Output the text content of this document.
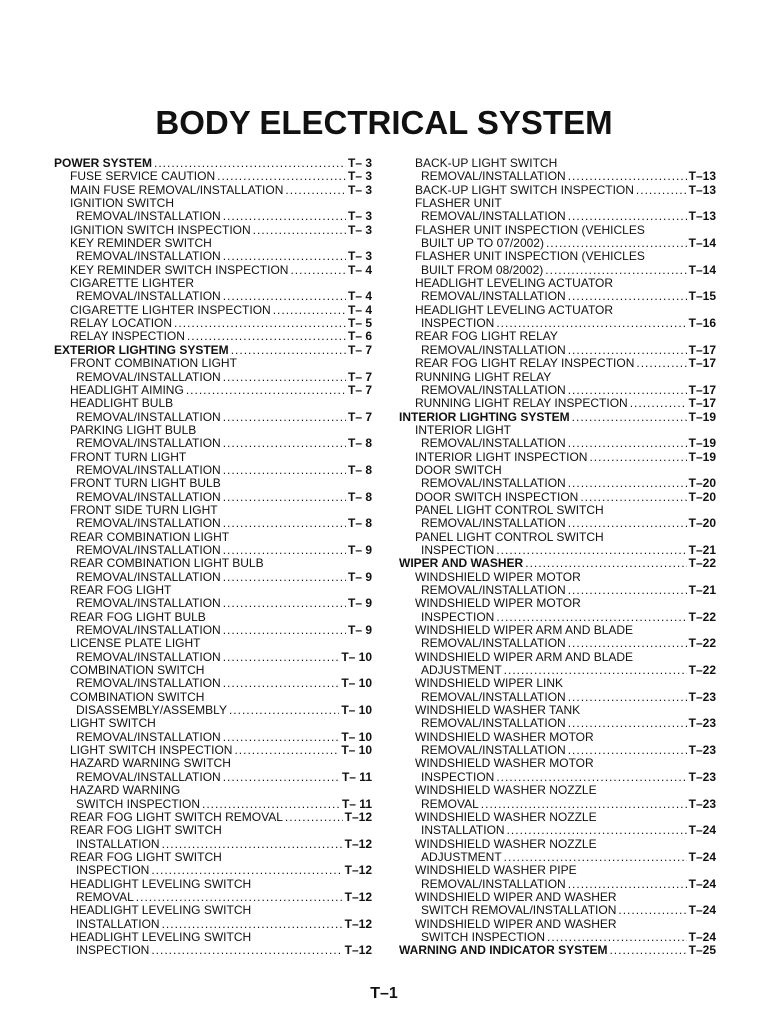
BODY ELECTRICAL SYSTEM
POWER SYSTEM .....	T– 3
FUSE SERVICE CAUTION .....	T– 3
MAIN FUSE REMOVAL/INSTALLATION .....	T– 3
IGNITION SWITCH
REMOVAL/INSTALLATION .....	T– 3
IGNITION SWITCH INSPECTION .....	T– 3
KEY REMINDER SWITCH
REMOVAL/INSTALLATION .....	T– 3
KEY REMINDER SWITCH INSPECTION .....	T– 4
CIGARETTE LIGHTER
REMOVAL/INSTALLATION .....	T– 4
CIGARETTE LIGHTER INSPECTION .....	T– 4
RELAY LOCATION .....	T– 5
RELAY INSPECTION .....	T– 6
EXTERIOR LIGHTING SYSTEM .....	T– 7
FRONT COMBINATION LIGHT
REMOVAL/INSTALLATION .....	T– 7
HEADLIGHT AIMING .....	T– 7
HEADLIGHT BULB
REMOVAL/INSTALLATION .....	T– 7
PARKING LIGHT BULB
REMOVAL/INSTALLATION .....	T– 8
FRONT TURN LIGHT
REMOVAL/INSTALLATION .....	T– 8
FRONT TURN LIGHT BULB
REMOVAL/INSTALLATION .....	T– 8
FRONT SIDE TURN LIGHT
REMOVAL/INSTALLATION .....	T– 8
REAR COMBINATION LIGHT
REMOVAL/INSTALLATION .....	T– 9
REAR COMBINATION LIGHT BULB
REMOVAL/INSTALLATION .....	T– 9
REAR FOG LIGHT
REMOVAL/INSTALLATION .....	T– 9
REAR FOG LIGHT BULB
REMOVAL/INSTALLATION .....	T– 9
LICENSE PLATE LIGHT
REMOVAL/INSTALLATION .....	T– 10
COMBINATION SWITCH
REMOVAL/INSTALLATION .....	T– 10
COMBINATION SWITCH
DISASSEMBLY/ASSEMBLY .....	T– 10
LIGHT SWITCH
REMOVAL/INSTALLATION .....	T– 10
LIGHT SWITCH INSPECTION .....	T– 10
HAZARD WARNING SWITCH
REMOVAL/INSTALLATION .....	T– 11
HAZARD WARNING
SWITCH INSPECTION .....	T– 11
REAR FOG LIGHT SWITCH REMOVAL .....	T–12
REAR FOG LIGHT SWITCH
INSTALLATION .....	T–12
REAR FOG LIGHT SWITCH
INSPECTION .....	T–12
HEADLIGHT LEVELING SWITCH
REMOVAL .....	T–12
HEADLIGHT LEVELING SWITCH
INSTALLATION .....	T–12
HEADLIGHT LEVELING SWITCH
INSPECTION .....	T–12
BACK-UP LIGHT SWITCH
REMOVAL/INSTALLATION .....	T–13
BACK-UP LIGHT SWITCH INSPECTION .....	T–13
FLASHER UNIT
REMOVAL/INSTALLATION .....	T–13
FLASHER UNIT INSPECTION (VEHICLES
BUILT UP TO 07/2002) .....	T–14
FLASHER UNIT INSPECTION (VEHICLES
BUILT FROM 08/2002) .....	T–14
HEADLIGHT LEVELING ACTUATOR
REMOVAL/INSTALLATION .....	T–15
HEADLIGHT LEVELING ACTUATOR
INSPECTION .....	T–16
REAR FOG LIGHT RELAY
REMOVAL/INSTALLATION .....	T–17
REAR FOG LIGHT RELAY INSPECTION .....	T–17
RUNNING LIGHT RELAY
REMOVAL/INSTALLATION .....	T–17
RUNNING LIGHT RELAY INSPECTION .....	T–17
INTERIOR LIGHTING SYSTEM .....	T–19
INTERIOR LIGHT
REMOVAL/INSTALLATION .....	T–19
INTERIOR LIGHT INSPECTION .....	T–19
DOOR SWITCH
REMOVAL/INSTALLATION .....	T–20
DOOR SWITCH INSPECTION .....	T–20
PANEL LIGHT CONTROL SWITCH
REMOVAL/INSTALLATION .....	T–20
PANEL LIGHT CONTROL SWITCH
INSPECTION .....	T–21
WIPER AND WASHER .....	T–22
WINDSHIELD WIPER MOTOR
REMOVAL/INSTALLATION .....	T–21
WINDSHIELD WIPER MOTOR
INSPECTION .....	T–22
WINDSHIELD WIPER ARM AND BLADE
REMOVAL/INSTALLATION .....	T–22
WINDSHIELD WIPER ARM AND BLADE
ADJUSTMENT .....	T–22
WINDSHIELD WIPER LINK
REMOVAL/INSTALLATION .....	T–23
WINDSHIELD WASHER TANK
REMOVAL/INSTALLATION .....	T–23
WINDSHIELD WASHER MOTOR
REMOVAL/INSTALLATION .....	T–23
WINDSHIELD WASHER MOTOR
INSPECTION .....	T–23
WINDSHIELD WASHER NOZZLE
REMOVAL .....	T–23
WINDSHIELD WASHER NOZZLE
INSTALLATION .....	T–24
WINDSHIELD WASHER NOZZLE
ADJUSTMENT .....	T–24
WINDSHIELD WASHER PIPE
REMOVAL/INSTALLATION .....	T–24
WINDSHIELD WIPER AND WASHER
SWITCH REMOVAL/INSTALLATION .....	T–24
WINDSHIELD WIPER AND WASHER
SWITCH INSPECTION .....	T–24
WARNING AND INDICATOR SYSTEM .....	T–25
T–1
